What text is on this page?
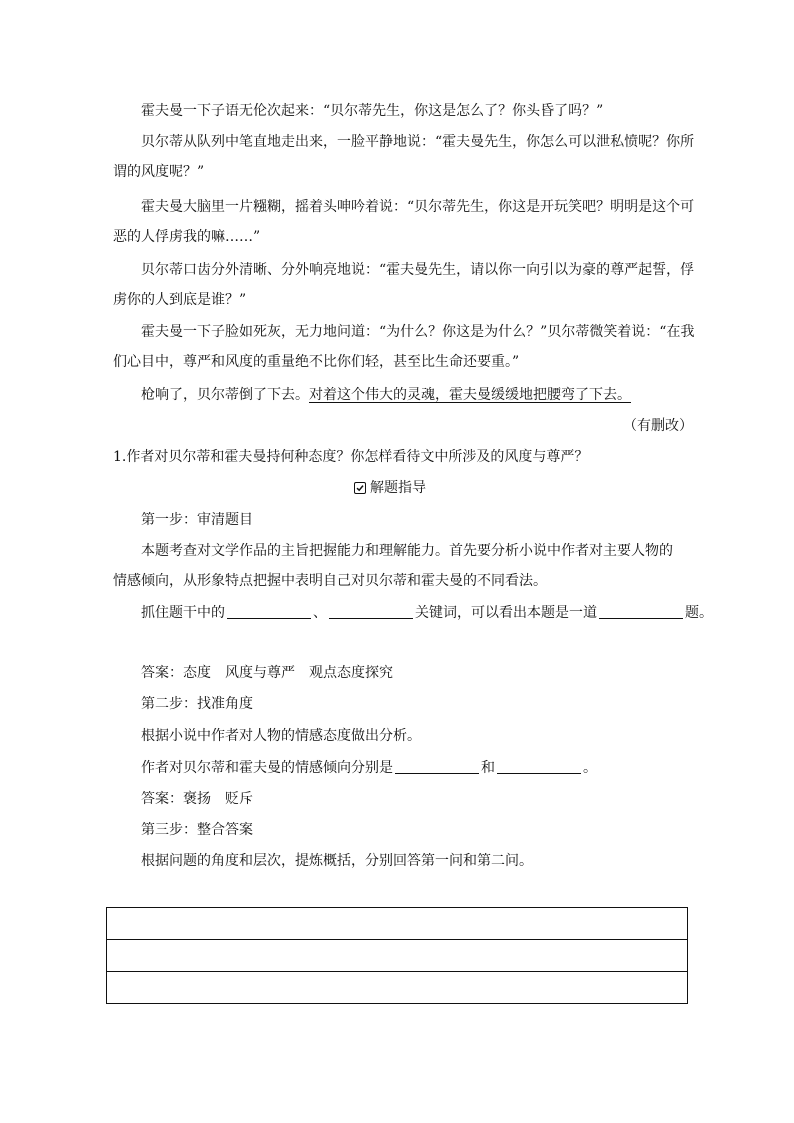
霍夫曼一下子语无伦次起来：“贝尔蒂先生，你这是怎么了？你头昏了吗？”
贝尔蒂从队列中笔直地走出来，一脸平静地说：“霍夫曼先生，你怎么可以泄私愤呢？你所
谓的风度呢？”
霍夫曼大脑里一片糨糊，摇着头呻吟着说：“贝尔蒂先生，你这是开玩笑吧？明明是这个可
恶的人俘虏我的嘛……”
贝尔蒂口齿分外清晰、分外响亮地说：“霍夫曼先生，请以你一向引以为豪的尊严起誓，俘
虏你的人到底是谁？”
霍夫曼一下子脸如死灰，无力地问道：“为什么？你这是为什么？”贝尔蒂微笑着说：“在我
们心目中，尊严和风度的重量绝不比你们轻，甚至比生命还要重。”
枪响了，贝尔蒂倒了下去。对着这个伟大的灵魂，霍夫曼缓缓地把腰弯了下去。
（有删改）
1.作者对贝尔蒂和霍夫曼持何种态度？你怎样看待文中所涉及的风度与尊严？
解题指导
第一步：审清题目
本题考查对文学作品的主旨把握能力和理解能力。首先要分析小说中作者对主要人物的
情感倾向，从形象特点把握中表明自己对贝尔蒂和霍夫曼的不同看法。
抓住题干中的	、	关键词，可以看出本题是一道	题。
答案：态度　风度与尊严　观点态度探究
第二步：找准角度
根据小说中作者对人物的情感态度做出分析。
作者对贝尔蒂和霍夫曼的情感倾向分别是	和	。
答案：褒扬　贬斥
第三步：整合答案
根据问题的角度和层次，提炼概括，分别回答第一问和第二问。
